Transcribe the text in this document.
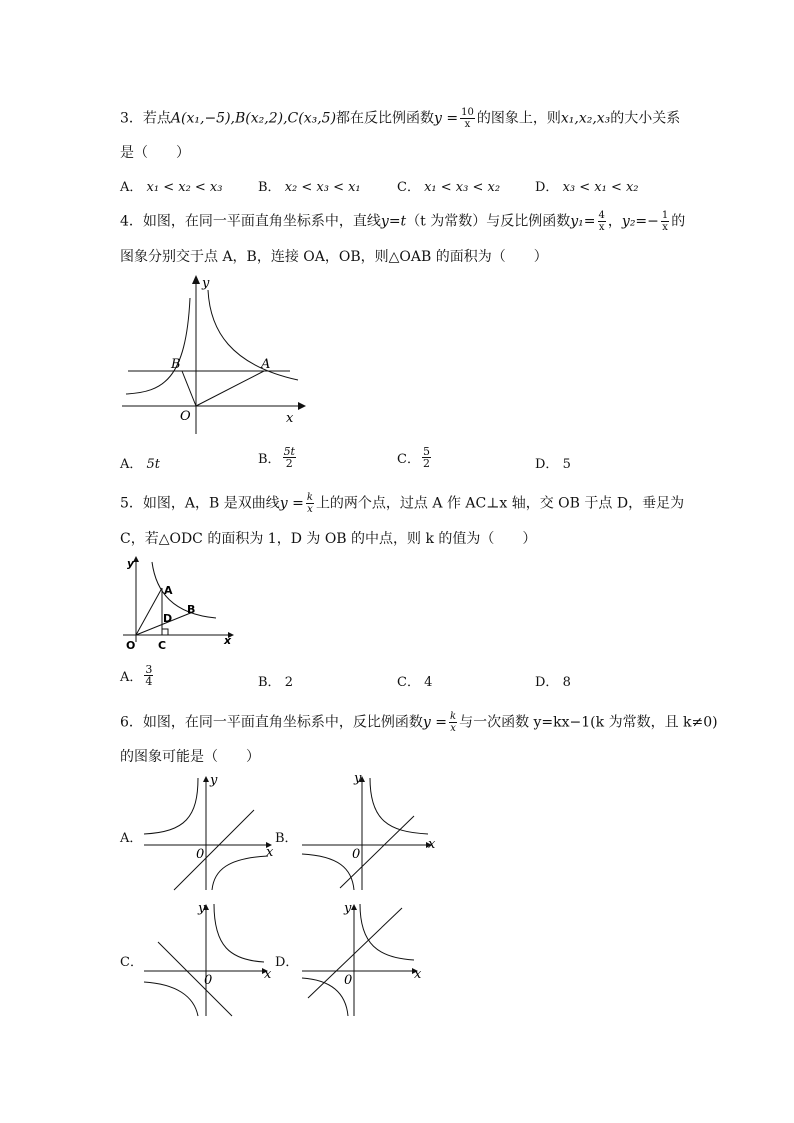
3．若点A(x₁,−5),B(x₂,2),C(x₃,5)都在反比例函数$y = \frac{10}{x}$ 的图象上，则x₁,x₂,x₃的大小关系
是（　　）
A． x₁ < x₂ < x₃	B． x₂ < x₃ < x₁	C． x₁ < x₃ < x₂	D． x₃ < x₁ < x₂
4．如图，在同一平面直角坐标系中，直线y=t（t 为常数）与反比例函数$y_1= \frac{4}{x}$ ，$y_2=- \frac{1}{x}$ 的
图象分别交于点 A，B，连接 OA，OB，则△OAB 的面积为（　　）
y
x
O
A
B
A． 5t	B． $\frac{5t}{2}$	C． $\frac{5}{2}$	D． 5
5．如图，A，B 是双曲线$y = \frac{k}{x}$ 上的两个点，过点 A 作 AC⊥x 轴，交 OB 于点 D，垂足为
C，若△ODC 的面积为 1，D 为 OB 的中点，则 k 的值为（　　）
y
x
O C
A
B
D
A． $\frac{3}{4}$	B． 2	C． 4	D． 8
6．如图，在同一平面直角坐标系中，反比例函数$y = \frac{k}{x}$ 与一次函数 y=kx−1(k 为常数，且 k≠0)
的图象可能是（　　）
A．
y
x
0
B．
y
x
0
C．
y
x
0
D．
y
x
0
